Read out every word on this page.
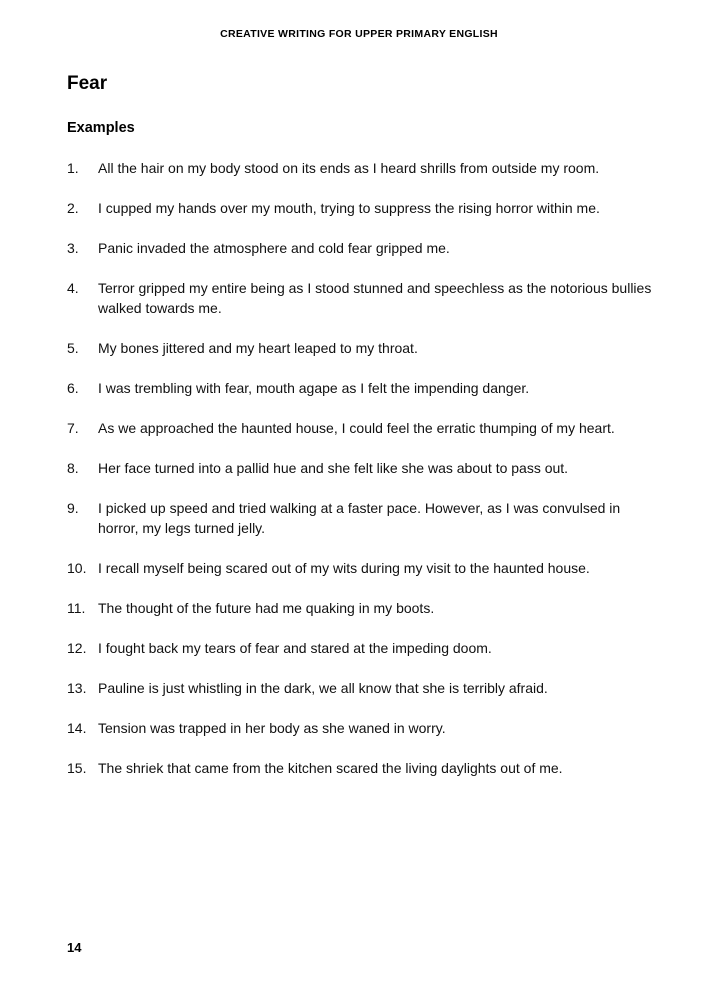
CREATIVE WRITING FOR UPPER PRIMARY ENGLISH
Fear
Examples
1.	All the hair on my body stood on its ends as I heard shrills from outside my room.
2.	I cupped my hands over my mouth, trying to suppress the rising horror within me.
3.	Panic invaded the atmosphere and cold fear gripped me.
4.	Terror gripped my entire being as I stood stunned and speechless as the notorious bullies walked towards me.
5.	My bones jittered and my heart leaped to my throat.
6.	I was trembling with fear, mouth agape as I felt the impending danger.
7.	As we approached the haunted house, I could feel the erratic thumping of my heart.
8.	Her face turned into a pallid hue and she felt like she was about to pass out.
9.	I picked up speed and tried walking at a faster pace. However, as I was convulsed in horror, my legs turned jelly.
10. I recall myself being scared out of my wits during my visit to the haunted house.
11. The thought of the future had me quaking in my boots.
12. I fought back my tears of fear and stared at the impeding doom.
13. Pauline is just whistling in the dark, we all know that she is terribly afraid.
14. Tension was trapped in her body as she waned in worry.
15. The shriek that came from the kitchen scared the living daylights out of me.
14
